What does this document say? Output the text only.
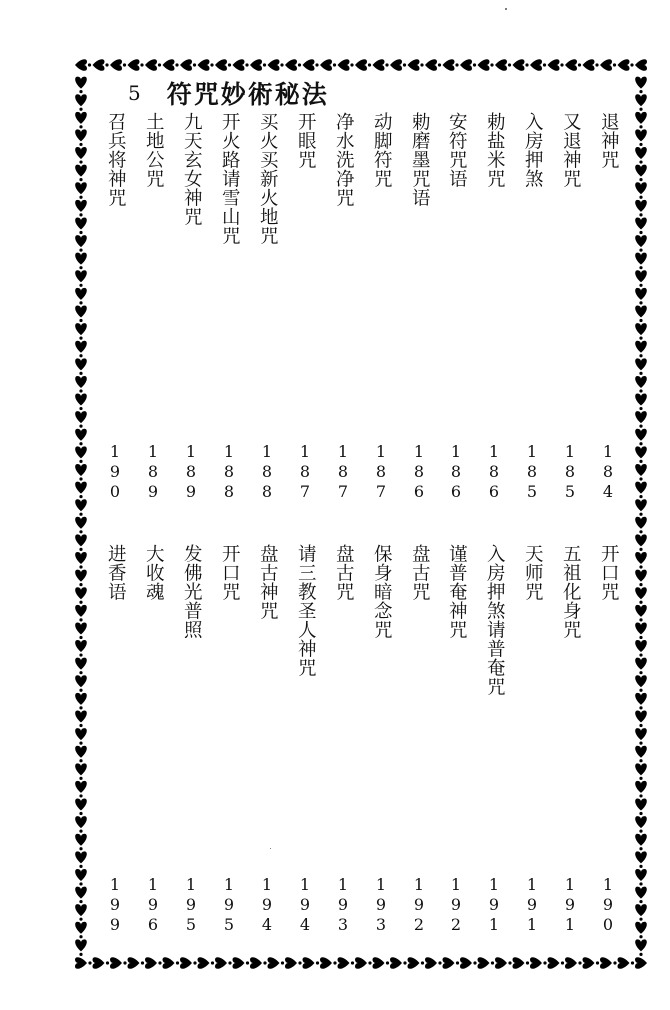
5 符咒妙術秘法
退神咒
1
8
4
又退神咒
1
8
5
入房押煞
1
8
5
勅盐米咒
1
8
6
安符咒语
1
8
6
勅磨墨咒语
1
8
6
动脚符咒
1
8
7
净水洗净咒
1
8
7
开眼咒
1
8
7
买火买新火地咒
1
8
8
开火路请雪山咒
1
8
8
九天玄女神咒
1
8
9
土地公咒
1
8
9
召兵将神咒
1
9
0
开口咒
1
9
0
五祖化身咒
1
9
1
天师咒
1
9
1
入房押煞请普奄咒
1
9
1
谨普奄神咒
1
9
2
盘古咒
1
9
2
保身暗念咒
1
9
3
盘古咒
1
9
3
请三教圣人神咒
1
9
4
盘古神咒
1
9
4
开口咒
1
9
5
发佛光普照
1
9
5
大收魂
1
9
6
进香语
1
9
9
